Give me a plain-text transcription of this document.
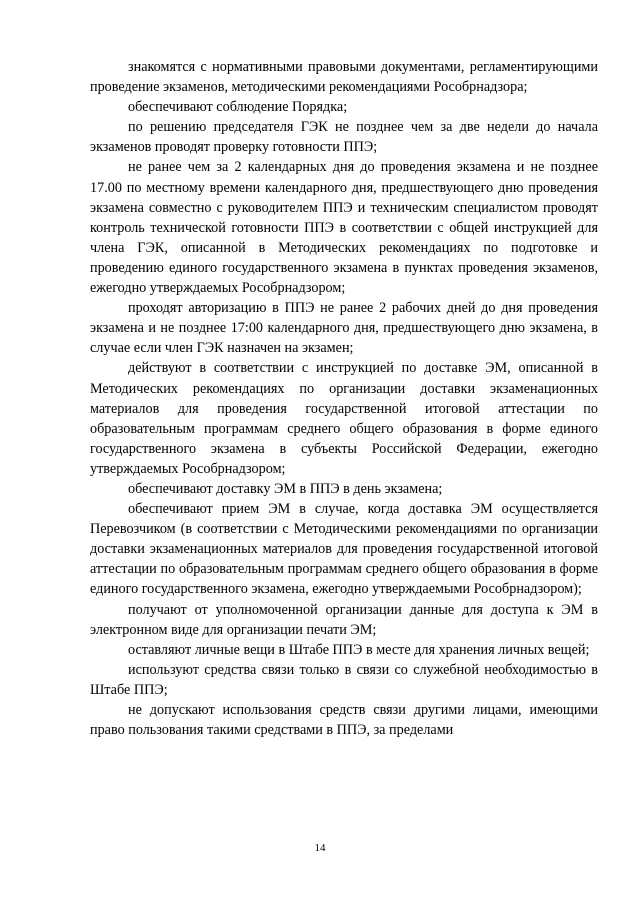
знакомятся с нормативными правовыми документами, регламентирующими проведение экзаменов, методическими рекомендациями Рособрнадзора;

обеспечивают соблюдение Порядка;

по решению председателя ГЭК не позднее чем за две недели до начала экзаменов проводят проверку готовности ППЭ;

не ранее чем за 2 календарных дня до проведения экзамена и не позднее 17.00 по местному времени календарного дня, предшествующего дню проведения экзамена совместно с руководителем ППЭ и техническим специалистом проводят контроль технической готовности ППЭ в соответствии с общей инструкцией для члена ГЭК, описанной в Методических рекомендациях по подготовке и проведению единого государственного экзамена в пунктах проведения экзаменов, ежегодно утверждаемых Рособрнадзором;

проходят авторизацию в ППЭ не ранее 2 рабочих дней до дня проведения экзамена и не позднее 17:00 календарного дня, предшествующего дню экзамена, в случае если член ГЭК назначен на экзамен;

действуют в соответствии с инструкцией по доставке ЭМ, описанной в Методических рекомендациях по организации доставки экзаменационных материалов для проведения государственной итоговой аттестации по образовательным программам среднего общего образования в форме единого государственного экзамена в субъекты Российской Федерации, ежегодно утверждаемых Рособрнадзором;

обеспечивают доставку ЭМ в ППЭ в день экзамена;

обеспечивают прием ЭМ в случае, когда доставка ЭМ осуществляется Перевозчиком (в соответствии с Методическими рекомендациями по организации доставки экзаменационных материалов для проведения государственной итоговой аттестации по образовательным программам среднего общего образования в форме единого государственного экзамена, ежегодно утверждаемыми Рособрнадзором);

получают от уполномоченной организации данные для доступа к ЭМ в электронном виде для организации печати ЭМ;

оставляют личные вещи в Штабе ППЭ в месте для хранения личных вещей;

используют средства связи только в связи со служебной необходимостью в Штабе ППЭ;

не допускают использования средств связи другими лицами, имеющими право пользования такими средствами в ППЭ, за пределами

14
